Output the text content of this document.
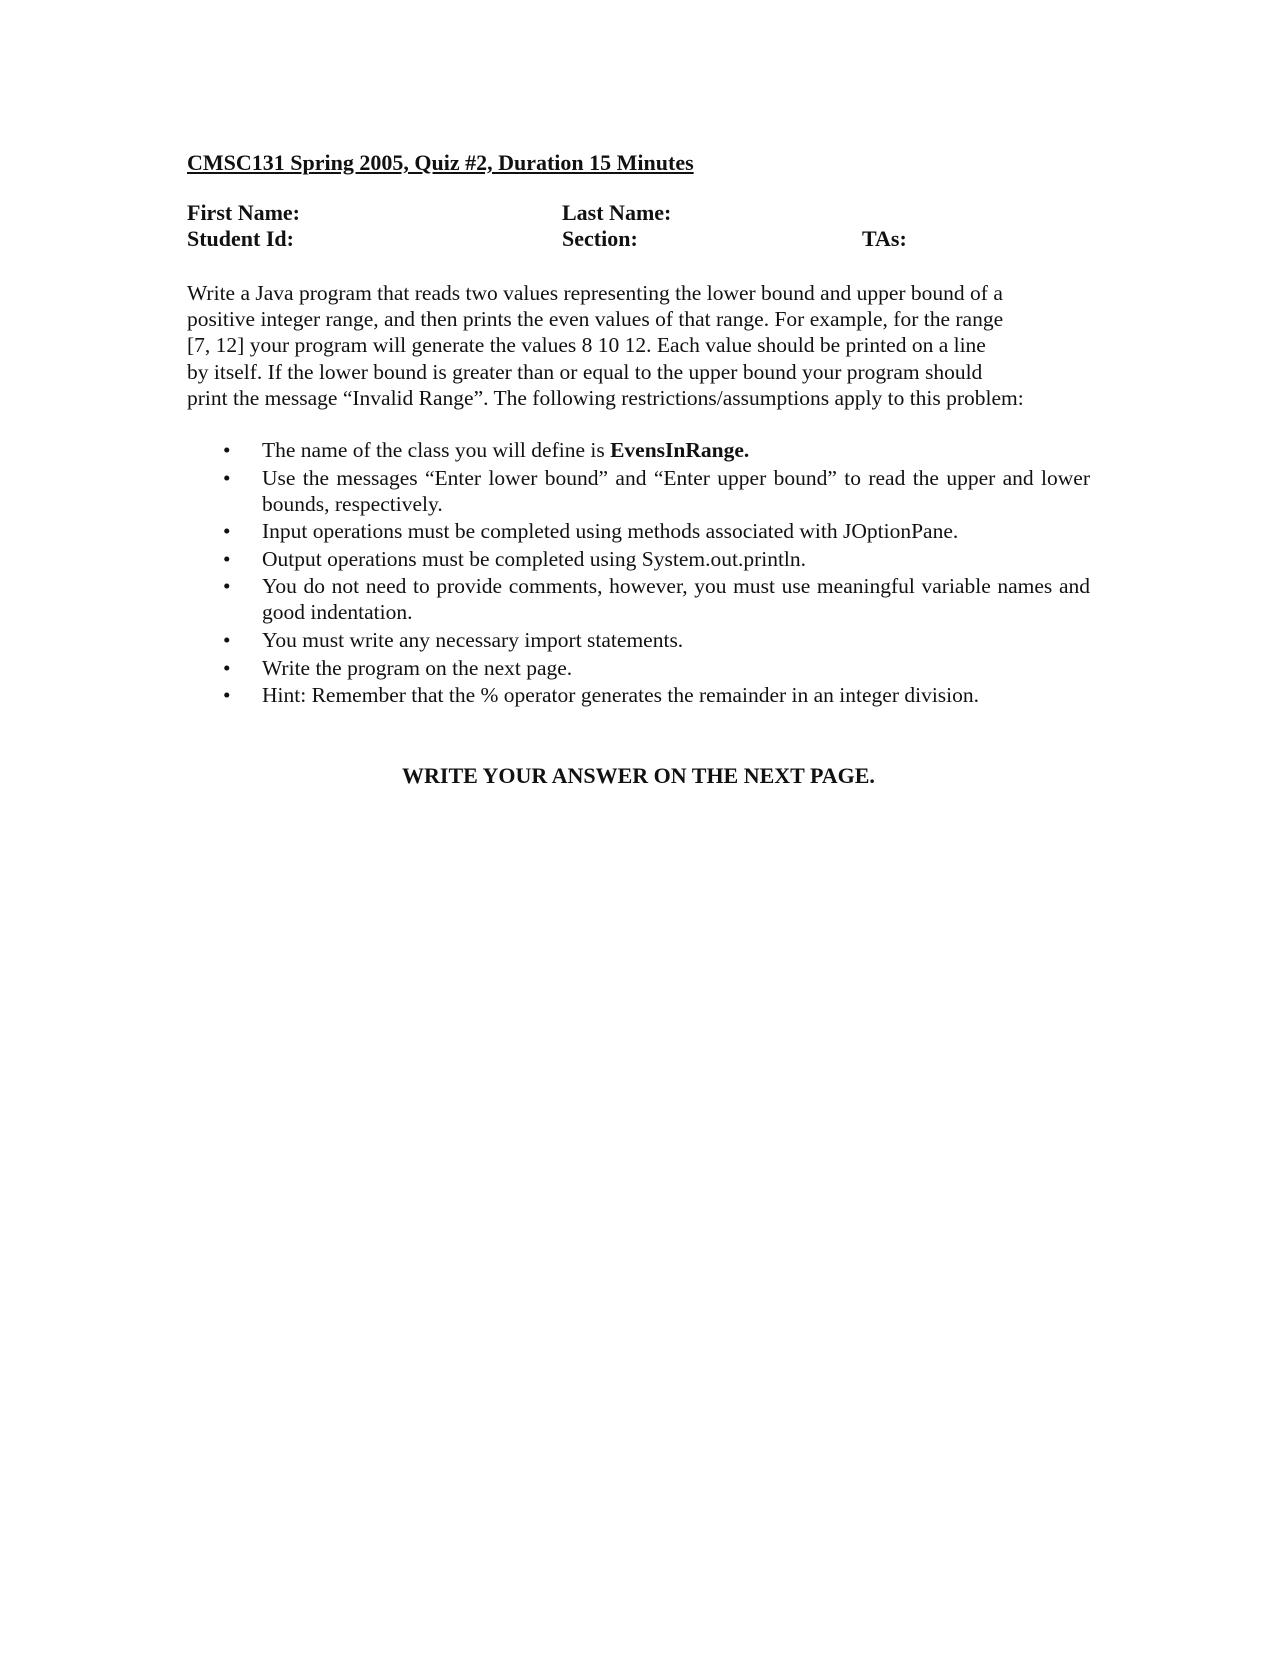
CMSC131 Spring 2005, Quiz #2, Duration 15 Minutes
First Name:	Last Name:
Student Id:	Section:	TAs:
Write a Java program that reads two values representing the lower bound and upper bound of a
positive integer range, and then prints the even values of that range. For example, for the range
[7, 12] your program will generate the values 8 10 12. Each value should be printed on a line
by itself. If the lower bound is greater than or equal to the upper bound your program should
print the message “Invalid Range”. The following restrictions/assumptions apply to this problem:
• The name of the class you will define is EvensInRange.
• Use the messages “Enter lower bound” and “Enter upper bound” to read the upper and lower bounds, respectively.
• Input operations must be completed using methods associated with JOptionPane.
• Output operations must be completed using System.out.println.
• You do not need to provide comments, however, you must use meaningful variable names and good indentation.
• You must write any necessary import statements.
• Write the program on the next page.
• Hint: Remember that the % operator generates the remainder in an integer division.
WRITE YOUR ANSWER ON THE NEXT PAGE.
